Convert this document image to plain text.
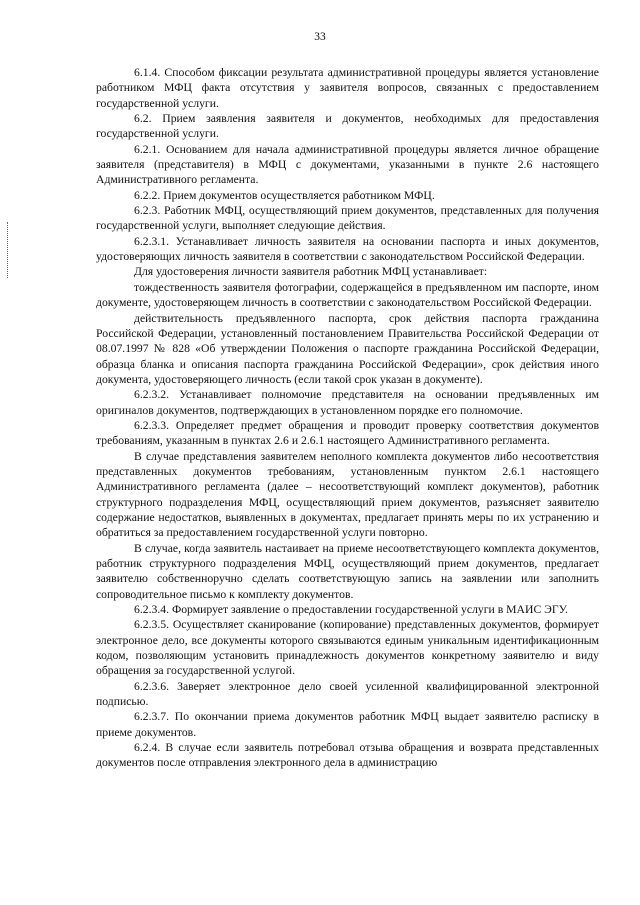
33

6.1.4. Способом фиксации результата административной процедуры является установление работником МФЦ факта отсутствия у заявителя вопросов, связанных с предоставлением государственной услуги.

6.2. Прием заявления заявителя и документов, необходимых для предоставления государственной услуги.

6.2.1. Основанием для начала административной процедуры является личное обращение заявителя (представителя) в МФЦ с документами, указанными в пункте 2.6 настоящего Административного регламента.

6.2.2. Прием документов осуществляется работником МФЦ.

6.2.3. Работник МФЦ, осуществляющий прием документов, представленных для получения государственной услуги, выполняет следующие действия.

6.2.3.1. Устанавливает личность заявителя на основании паспорта и иных документов, удостоверяющих личность заявителя в соответствии с законодательством Российской Федерации.

Для удостоверения личности заявителя работник МФЦ устанавливает:

тождественность заявителя фотографии, содержащейся в предъявленном им паспорте, ином документе, удостоверяющем личность в соответствии с законодательством Российской Федерации.

действительность предъявленного паспорта, срок действия паспорта гражданина Российской Федерации, установленный постановлением Правительства Российской Федерации от 08.07.1997 № 828 «Об утверждении Положения о паспорте гражданина Российской Федерации, образца бланка и описания паспорта гражданина Российской Федерации», срок действия иного документа, удостоверяющего личность (если такой срок указан в документе).

6.2.3.2. Устанавливает полномочие представителя на основании предъявленных им оригиналов документов, подтверждающих в установленном порядке его полномочие.

6.2.3.3. Определяет предмет обращения и проводит проверку соответствия документов требованиям, указанным в пунктах 2.6 и 2.6.1 настоящего Административного регламента.

В случае представления заявителем неполного комплекта документов либо несоответствия представленных документов требованиям, установленным пунктом 2.6.1 настоящего Административного регламента (далее – несоответствующий комплект документов), работник структурного подразделения МФЦ, осуществляющий прием документов, разъясняет заявителю содержание недостатков, выявленных в документах, предлагает принять меры по их устранению и обратиться за предоставлением государственной услуги повторно.

В случае, когда заявитель настаивает на приеме несоответствующего комплекта документов, работник структурного подразделения МФЦ, осуществляющий прием документов, предлагает заявителю собственноручно сделать соответствующую запись на заявлении или заполнить сопроводительное письмо к комплекту документов.

6.2.3.4. Формирует заявление о предоставлении государственной услуги в МАИС ЭГУ.

6.2.3.5. Осуществляет сканирование (копирование) представленных документов, формирует электронное дело, все документы которого связываются единым уникальным идентификационным кодом, позволяющим установить принадлежность документов конкретному заявителю и виду обращения за государственной услугой.

6.2.3.6. Заверяет электронное дело своей усиленной квалифицированной электронной подписью.

6.2.3.7. По окончании приема документов работник МФЦ выдает заявителю расписку в приеме документов.

6.2.4. В случае если заявитель потребовал отзыва обращения и возврата представленных документов после отправления электронного дела в администрацию
